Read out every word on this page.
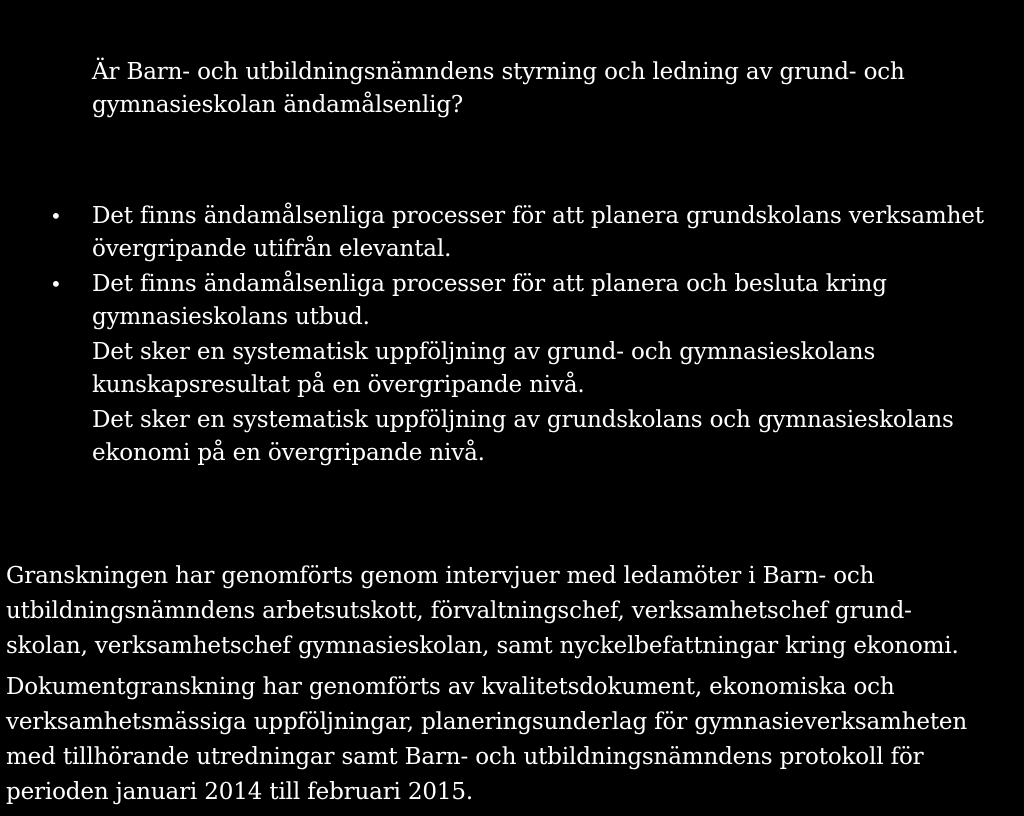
Är Barn- och utbildningsnämndens styrning och ledning av grund- och
gymnasieskolan ändamålsenlig?
• Det finns ändamålsenliga processer för att planera grundskolans verksamhet
övergripande utifrån elevantal.
• Det finns ändamålsenliga processer för att planera och besluta kring
gymnasieskolans utbud.
Det sker en systematisk uppföljning av grund- och gymnasieskolans
kunskapsresultat på en övergripande nivå.
Det sker en systematisk uppföljning av grundskolans och gymnasieskolans
ekonomi på en övergripande nivå.
Granskningen har genomförts genom intervjuer med ledamöter i Barn- och
utbildningsnämndens arbetsutskott, förvaltningschef, verksamhetschef grund-
skolan, verksamhetschef gymnasieskolan, samt nyckelbefattningar kring ekonomi.
Dokumentgranskning har genomförts av kvalitetsdokument, ekonomiska och
verksamhetsmässiga uppföljningar, planeringsunderlag för gymnasieverksamheten
med tillhörande utredningar samt Barn- och utbildningsnämndens protokoll för
perioden januari 2014 till februari 2015.
